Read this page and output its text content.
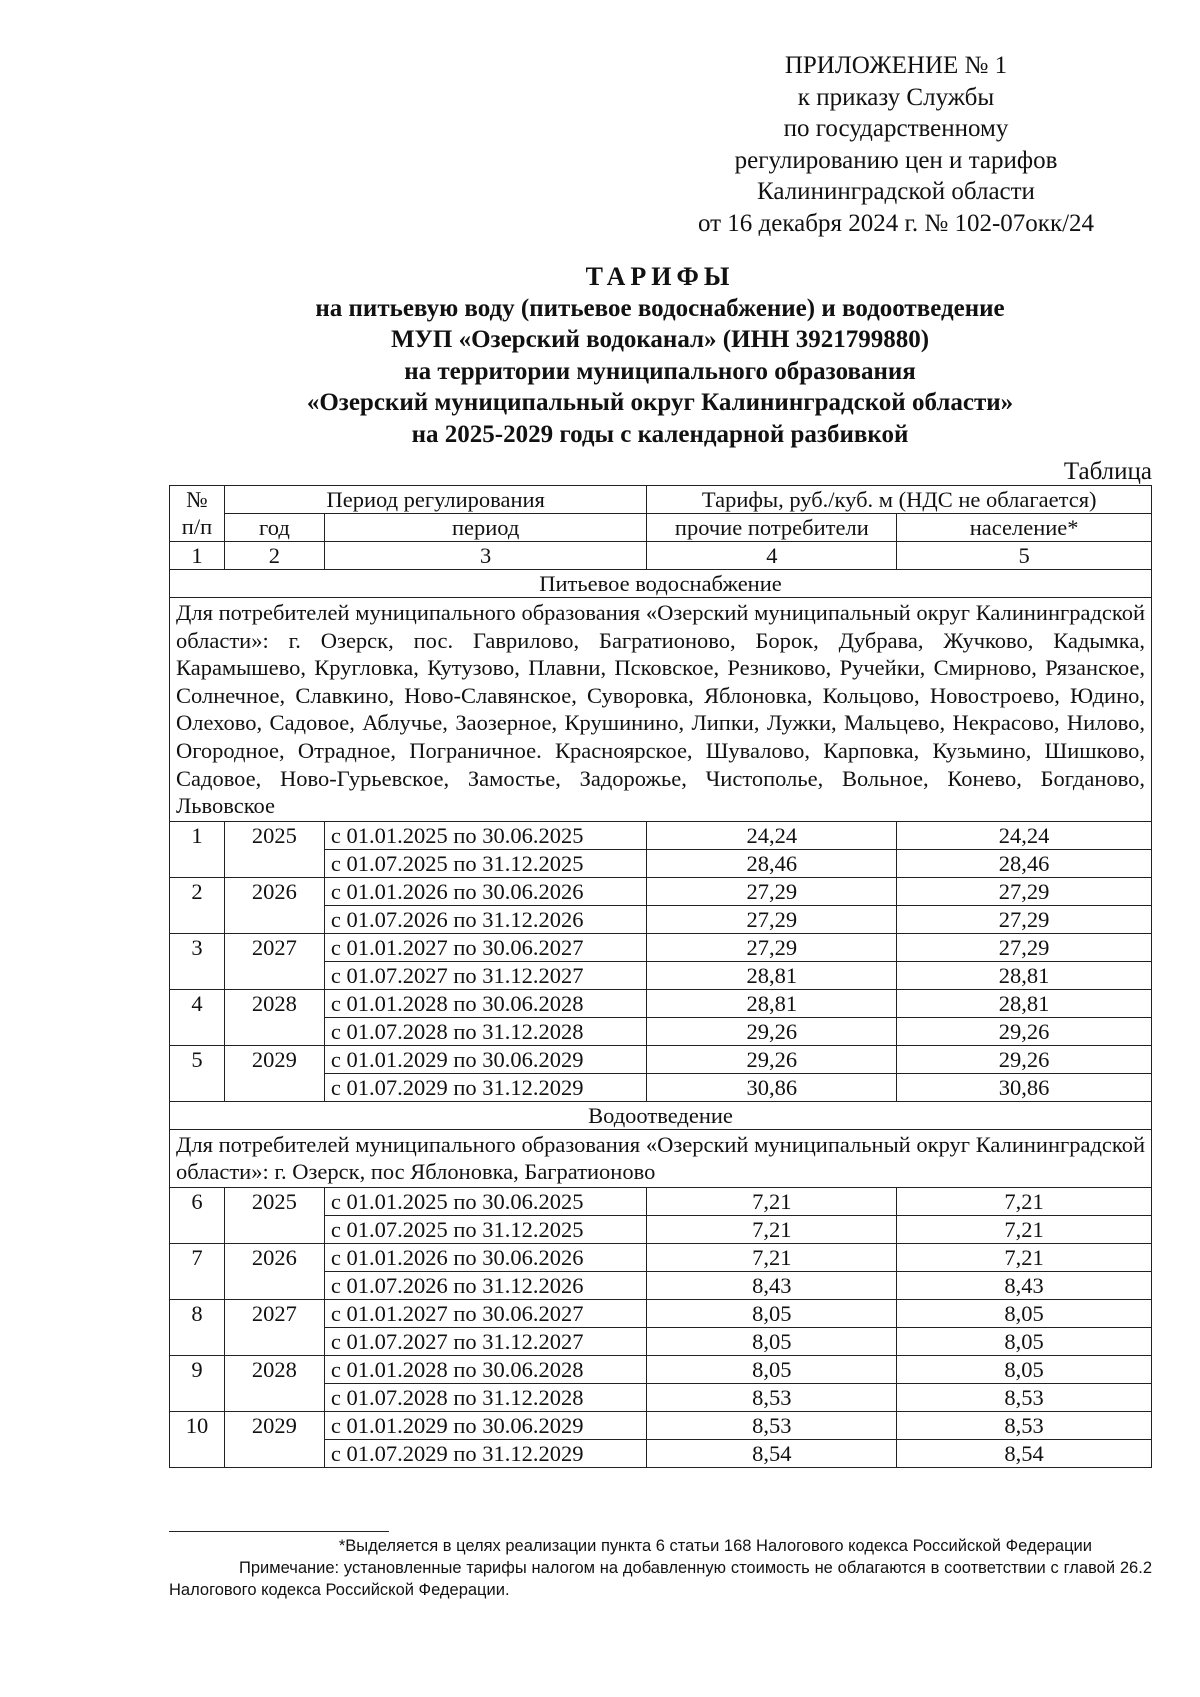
ПРИЛОЖЕНИЕ № 1
к приказу Службы
по государственному
регулированию цен и тарифов
Калининградской области
от 16 декабря 2024 г. № 102-07окк/24
ТАРИФЫ
на питьевую воду (питьевое водоснабжение) и водоотведение
МУП «Озерский водоканал» (ИНН 3921799880)
на территории муниципального образования
«Озерский муниципальный округ Калининградской области»
на 2025-2029 годы с календарной разбивкой
Таблица
№ п/п	Период регулирования		Тарифы, руб./куб. м (НДС не облагается)	
	год	период	прочие потребители	население*
1	2	3	4	5
Питьевое водоснабжение				
Для потребителей муниципального образования «Озерский муниципальный округ Калининградской области»: г. Озерск, пос. Гаврилово, Багратионово, Борок, Дубрава, Жучково, Кадымка, Карамышево, Кругловка, Кутузово, Плавни, Псковское, Резниково, Ручейки, Смирново, Рязанское, Солнечное, Славкино, Ново-Славянское, Суворовка, Яблоновка, Кольцово, Новостроево, Юдино, Олехово, Садовое, Аблучье, Заозерное, Крушинино, Липки, Лужки, Мальцево, Некрасово, Нилово, Огородное, Отрадное, Пограничное. Красноярское, Шувалово, Карповка, Кузьмино, Шишково, Садовое, Ново-Гурьевское, Замостье, Задорожье, Чистополье, Вольное, Конево, Богданово, Львовское				
1	2025	с 01.01.2025 по 30.06.2025	24,24	24,24
		с 01.07.2025 по 31.12.2025	28,46	28,46
2	2026	с 01.01.2026 по 30.06.2026	27,29	27,29
		с 01.07.2026 по 31.12.2026	27,29	27,29
3	2027	с 01.01.2027 по 30.06.2027	27,29	27,29
		с 01.07.2027 по 31.12.2027	28,81	28,81
4	2028	с 01.01.2028 по 30.06.2028	28,81	28,81
		с 01.07.2028 по 31.12.2028	29,26	29,26
5	2029	с 01.01.2029 по 30.06.2029	29,26	29,26
		с 01.07.2029 по 31.12.2029	30,86	30,86
Водоотведение				
Для потребителей муниципального образования «Озерский муниципальный округ Калининградской области»: г. Озерск, пос Яблоновка, Багратионово				
6	2025	с 01.01.2025 по 30.06.2025	7,21	7,21
		с 01.07.2025 по 31.12.2025	7,21	7,21
7	2026	с 01.01.2026 по 30.06.2026	7,21	7,21
		с 01.07.2026 по 31.12.2026	8,43	8,43
8	2027	с 01.01.2027 по 30.06.2027	8,05	8,05
		с 01.07.2027 по 31.12.2027	8,05	8,05
9	2028	с 01.01.2028 по 30.06.2028	8,05	8,05
		с 01.07.2028 по 31.12.2028	8,53	8,53
10	2029	с 01.01.2029 по 30.06.2029	8,53	8,53
		с 01.07.2029 по 31.12.2029	8,54	8,54
*Выделяется в целях реализации пункта 6 статьи 168 Налогового кодекса Российской Федерации
Примечание: установленные тарифы налогом на добавленную стоимость не облагаются в соответствии с главой 26.2 Налогового кодекса Российской Федерации.
